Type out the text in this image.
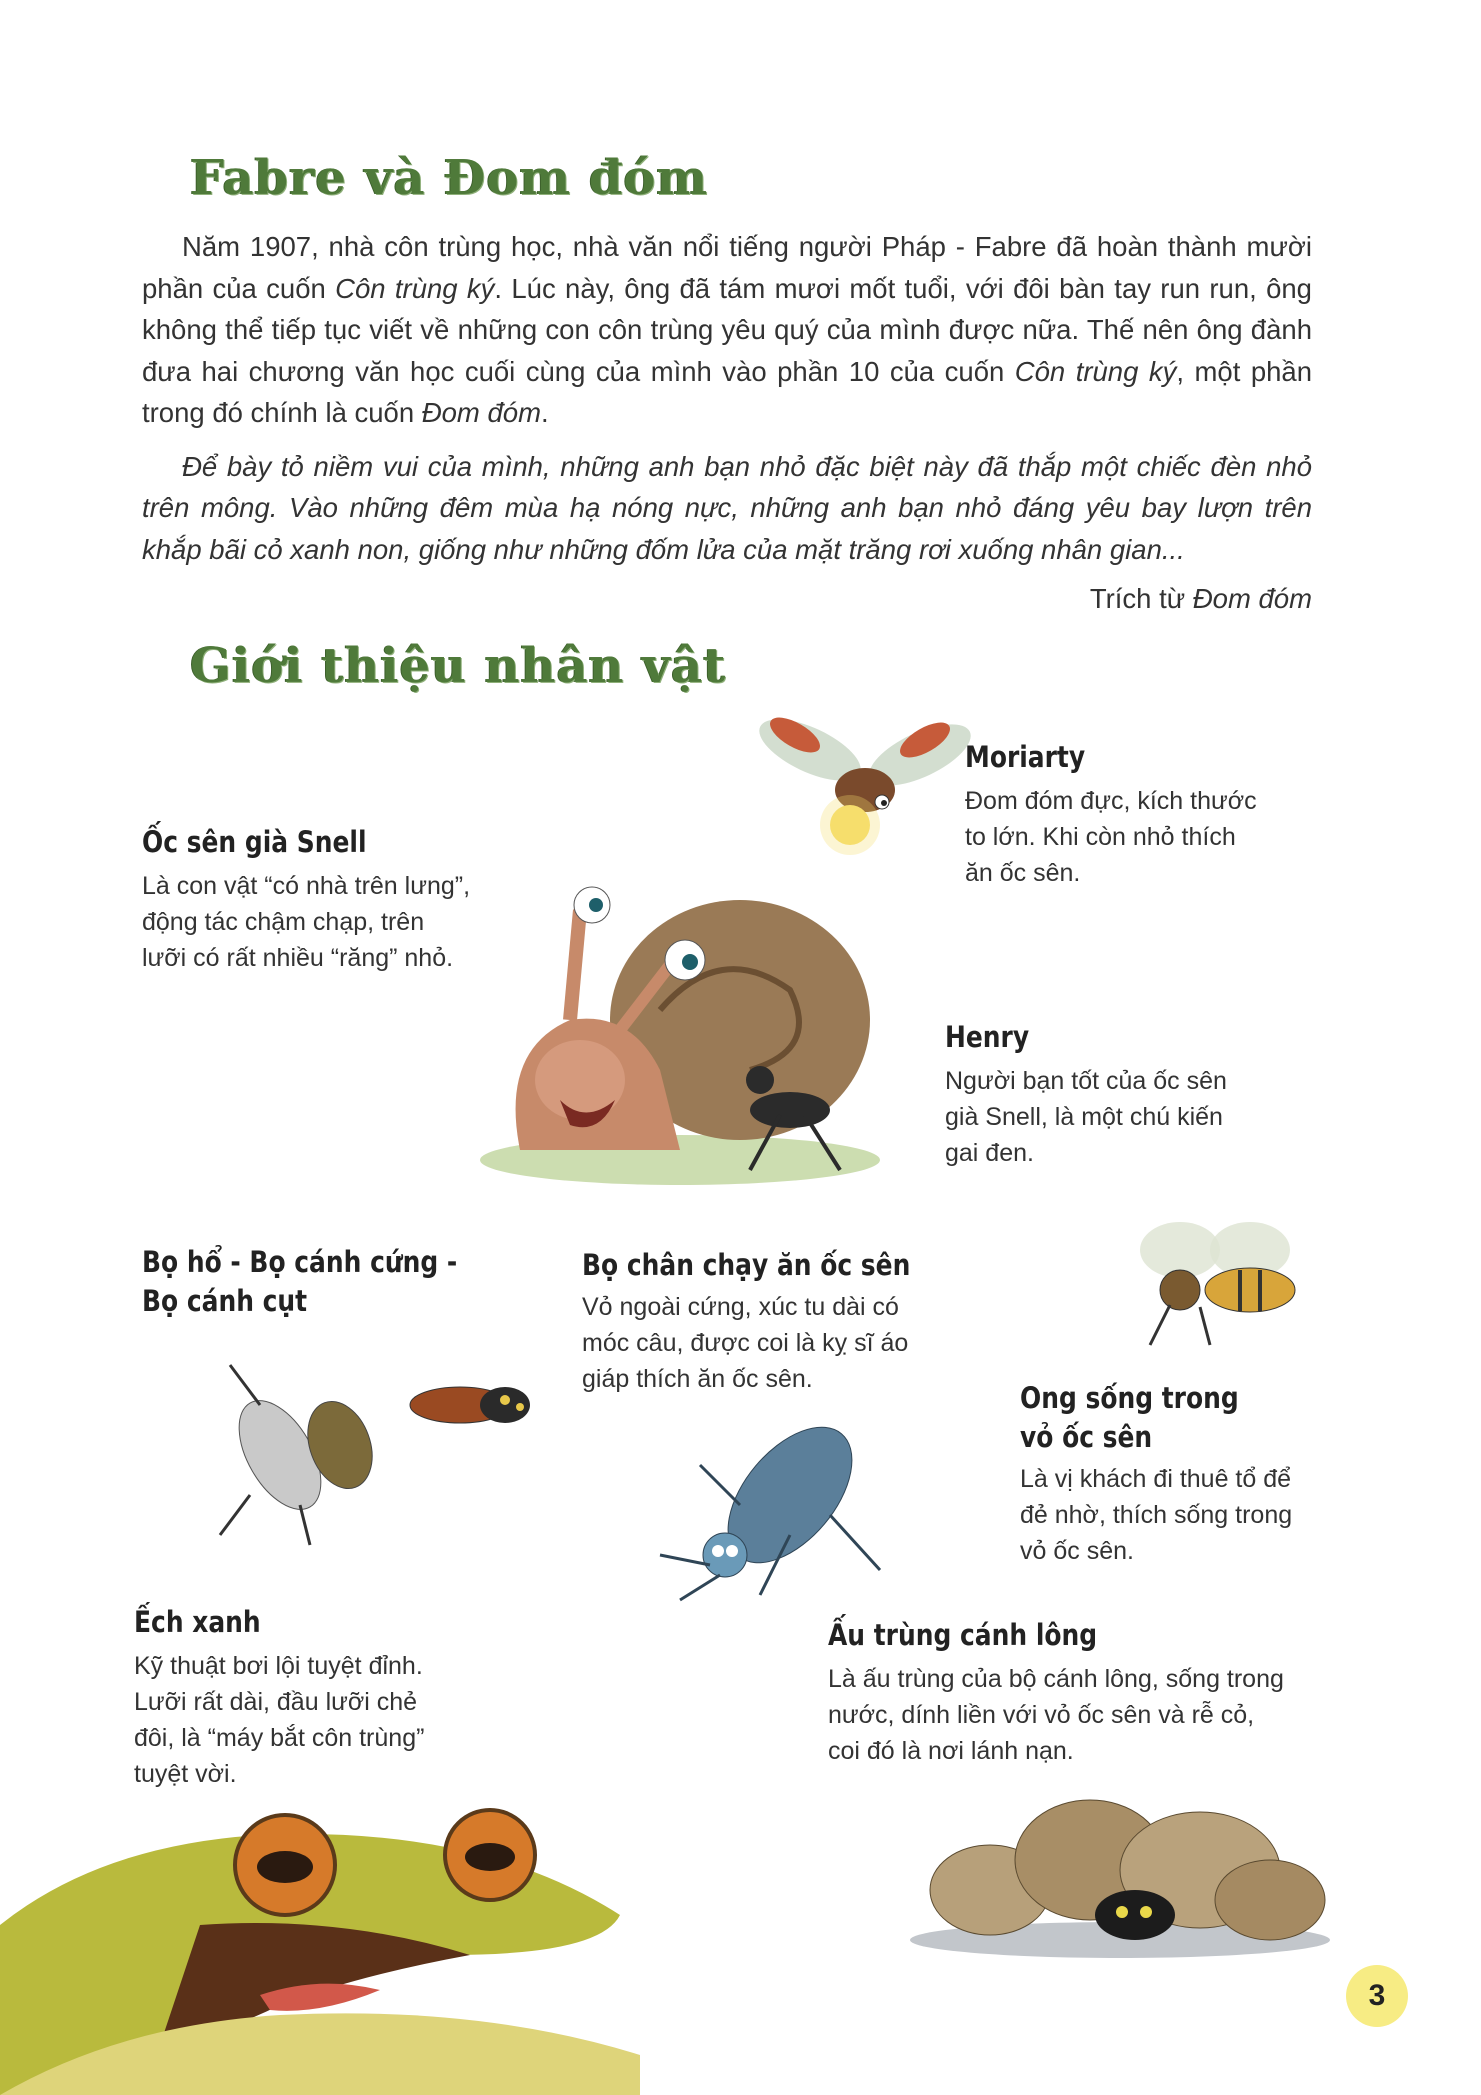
Fabre và Đom đóm

Năm 1907, nhà côn trùng học, nhà văn nổi tiếng người Pháp - Fabre đã hoàn thành mười phần của cuốn Côn trùng ký. Lúc này, ông đã tám mươi mốt tuổi, với đôi bàn tay run run, ông không thể tiếp tục viết về những con côn trùng yêu quý của mình được nữa. Thế nên ông đành đưa hai chương văn học cuối cùng của mình vào phần 10 của cuốn Côn trùng ký, một phần trong đó chính là cuốn Đom đóm.

Để bày tỏ niềm vui của mình, những anh bạn nhỏ đặc biệt này đã thắp một chiếc đèn nhỏ trên mông. Vào những đêm mùa hạ nóng nực, những anh bạn nhỏ đáng yêu bay lượn trên khắp bãi cỏ xanh non, giống như những đốm lửa của mặt trăng rơi xuống nhân gian...

Trích từ Đom đóm
Giới thiệu nhân vật
Moriarty
Đom đóm đực, kích thước
to lớn. Khi còn nhỏ thích
ăn ốc sên.
Ốc sên già Snell
Là con vật “có nhà trên lưng”,
động tác chậm chạp, trên
lưỡi có rất nhiều “răng” nhỏ.
Henry
Người bạn tốt của ốc sên
già Snell, là một chú kiến
gai đen.
Bọ hổ - Bọ cánh cứng -
Bọ cánh cụt
Bọ chân chạy ăn ốc sên
Vỏ ngoài cứng, xúc tu dài có
móc câu, được coi là kỵ sĩ áo
giáp thích ăn ốc sên.
Ong sống trong
vỏ ốc sên
Là vị khách đi thuê tổ để
đẻ nhờ, thích sống trong
vỏ ốc sên.
Ếch xanh
Kỹ thuật bơi lội tuyệt đỉnh.
Lưỡi rất dài, đầu lưỡi chẻ
đôi, là “máy bắt côn trùng”
tuyệt vời.
Ấu trùng cánh lông
Là ấu trùng của bộ cánh lông, sống trong
nước, dính liền với vỏ ốc sên và rễ cỏ,
coi đó là nơi lánh nạn.
3
